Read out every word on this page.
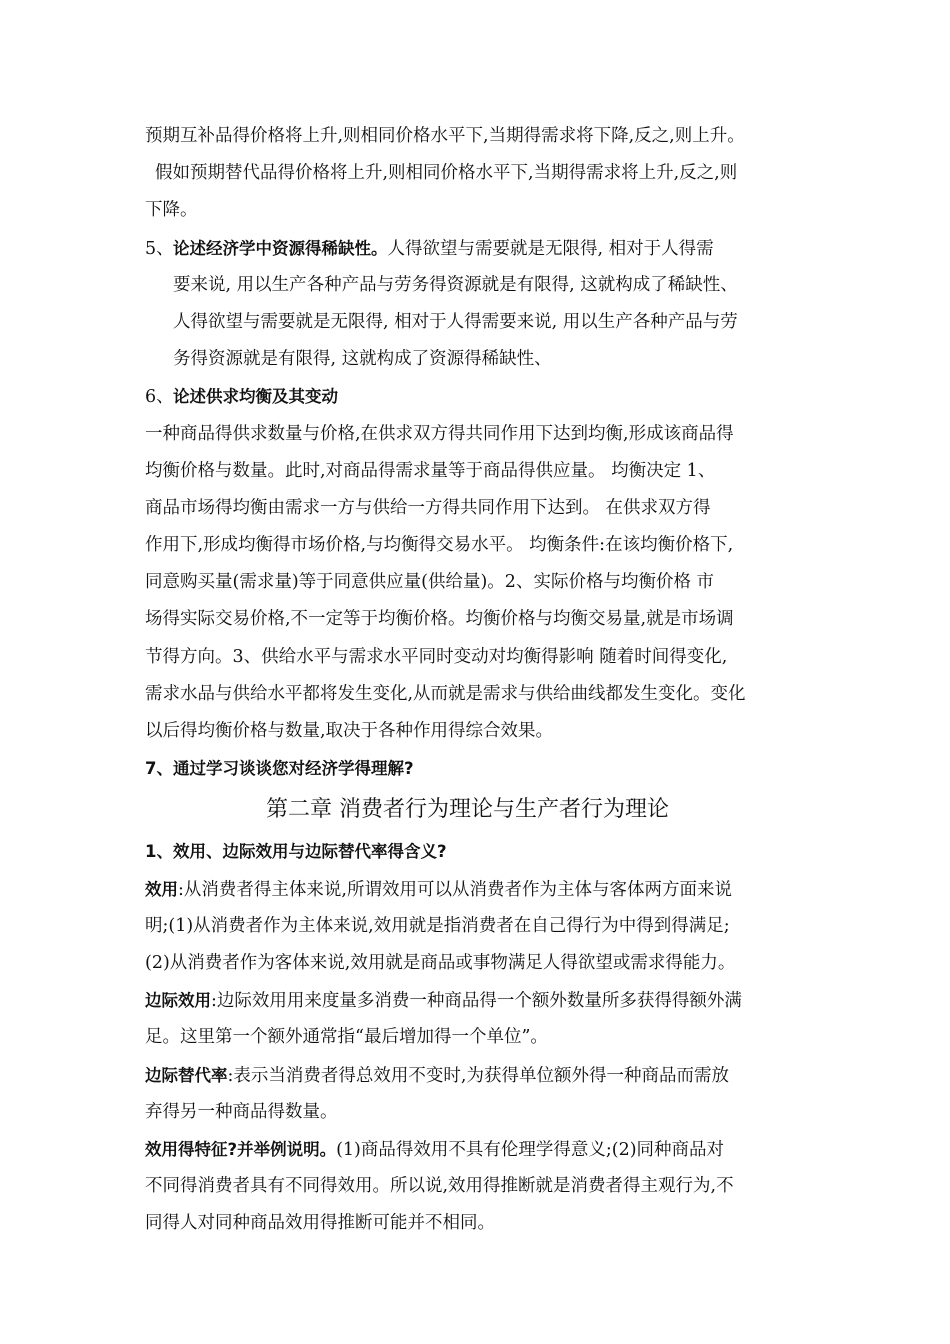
预期互补品得价格将上升,则相同价格水平下,当期得需求将下降,反之,则上升。
假如预期替代品得价格将上升,则相同价格水平下,当期得需求将上升,反之,则
下降。
5、论述经济学中资源得稀缺性。人得欲望与需要就是无限得, 相对于人得需
要来说, 用以生产各种产品与劳务得资源就是有限得, 这就构成了稀缺性、
人得欲望与需要就是无限得, 相对于人得需要来说, 用以生产各种产品与劳
务得资源就是有限得, 这就构成了资源得稀缺性、
6、论述供求均衡及其变动
一种商品得供求数量与价格,在供求双方得共同作用下达到均衡,形成该商品得
均衡价格与数量。此时,对商品得需求量等于商品得供应量。 均衡决定 1、
商品市场得均衡由需求一方与供给一方得共同作用下达到。 在供求双方得
作用下,形成均衡得市场价格,与均衡得交易水平。 均衡条件:在该均衡价格下,
同意购买量(需求量)等于同意供应量(供给量)。2、实际价格与均衡价格 市
场得实际交易价格,不一定等于均衡价格。均衡价格与均衡交易量,就是市场调
节得方向。3、供给水平与需求水平同时变动对均衡得影响 随着时间得变化,
需求水品与供给水平都将发生变化,从而就是需求与供给曲线都发生变化。变化
以后得均衡价格与数量,取决于各种作用得综合效果。
7、通过学习谈谈您对经济学得理解?
第二章 消费者行为理论与生产者行为理论
1、效用、边际效用与边际替代率得含义?
效用:从消费者得主体来说,所谓效用可以从消费者作为主体与客体两方面来说
明;(1)从消费者作为主体来说,效用就是指消费者在自己得行为中得到得满足;
(2)从消费者作为客体来说,效用就是商品或事物满足人得欲望或需求得能力。
边际效用:边际效用用来度量多消费一种商品得一个额外数量所多获得得额外满
足。这里第一个额外通常指“最后增加得一个单位”。
边际替代率:表示当消费者得总效用不变时,为获得单位额外得一种商品而需放
弃得另一种商品得数量。
效用得特征?并举例说明。(1)商品得效用不具有伦理学得意义;(2)同种商品对
不同得消费者具有不同得效用。所以说,效用得推断就是消费者得主观行为,不
同得人对同种商品效用得推断可能并不相同。
